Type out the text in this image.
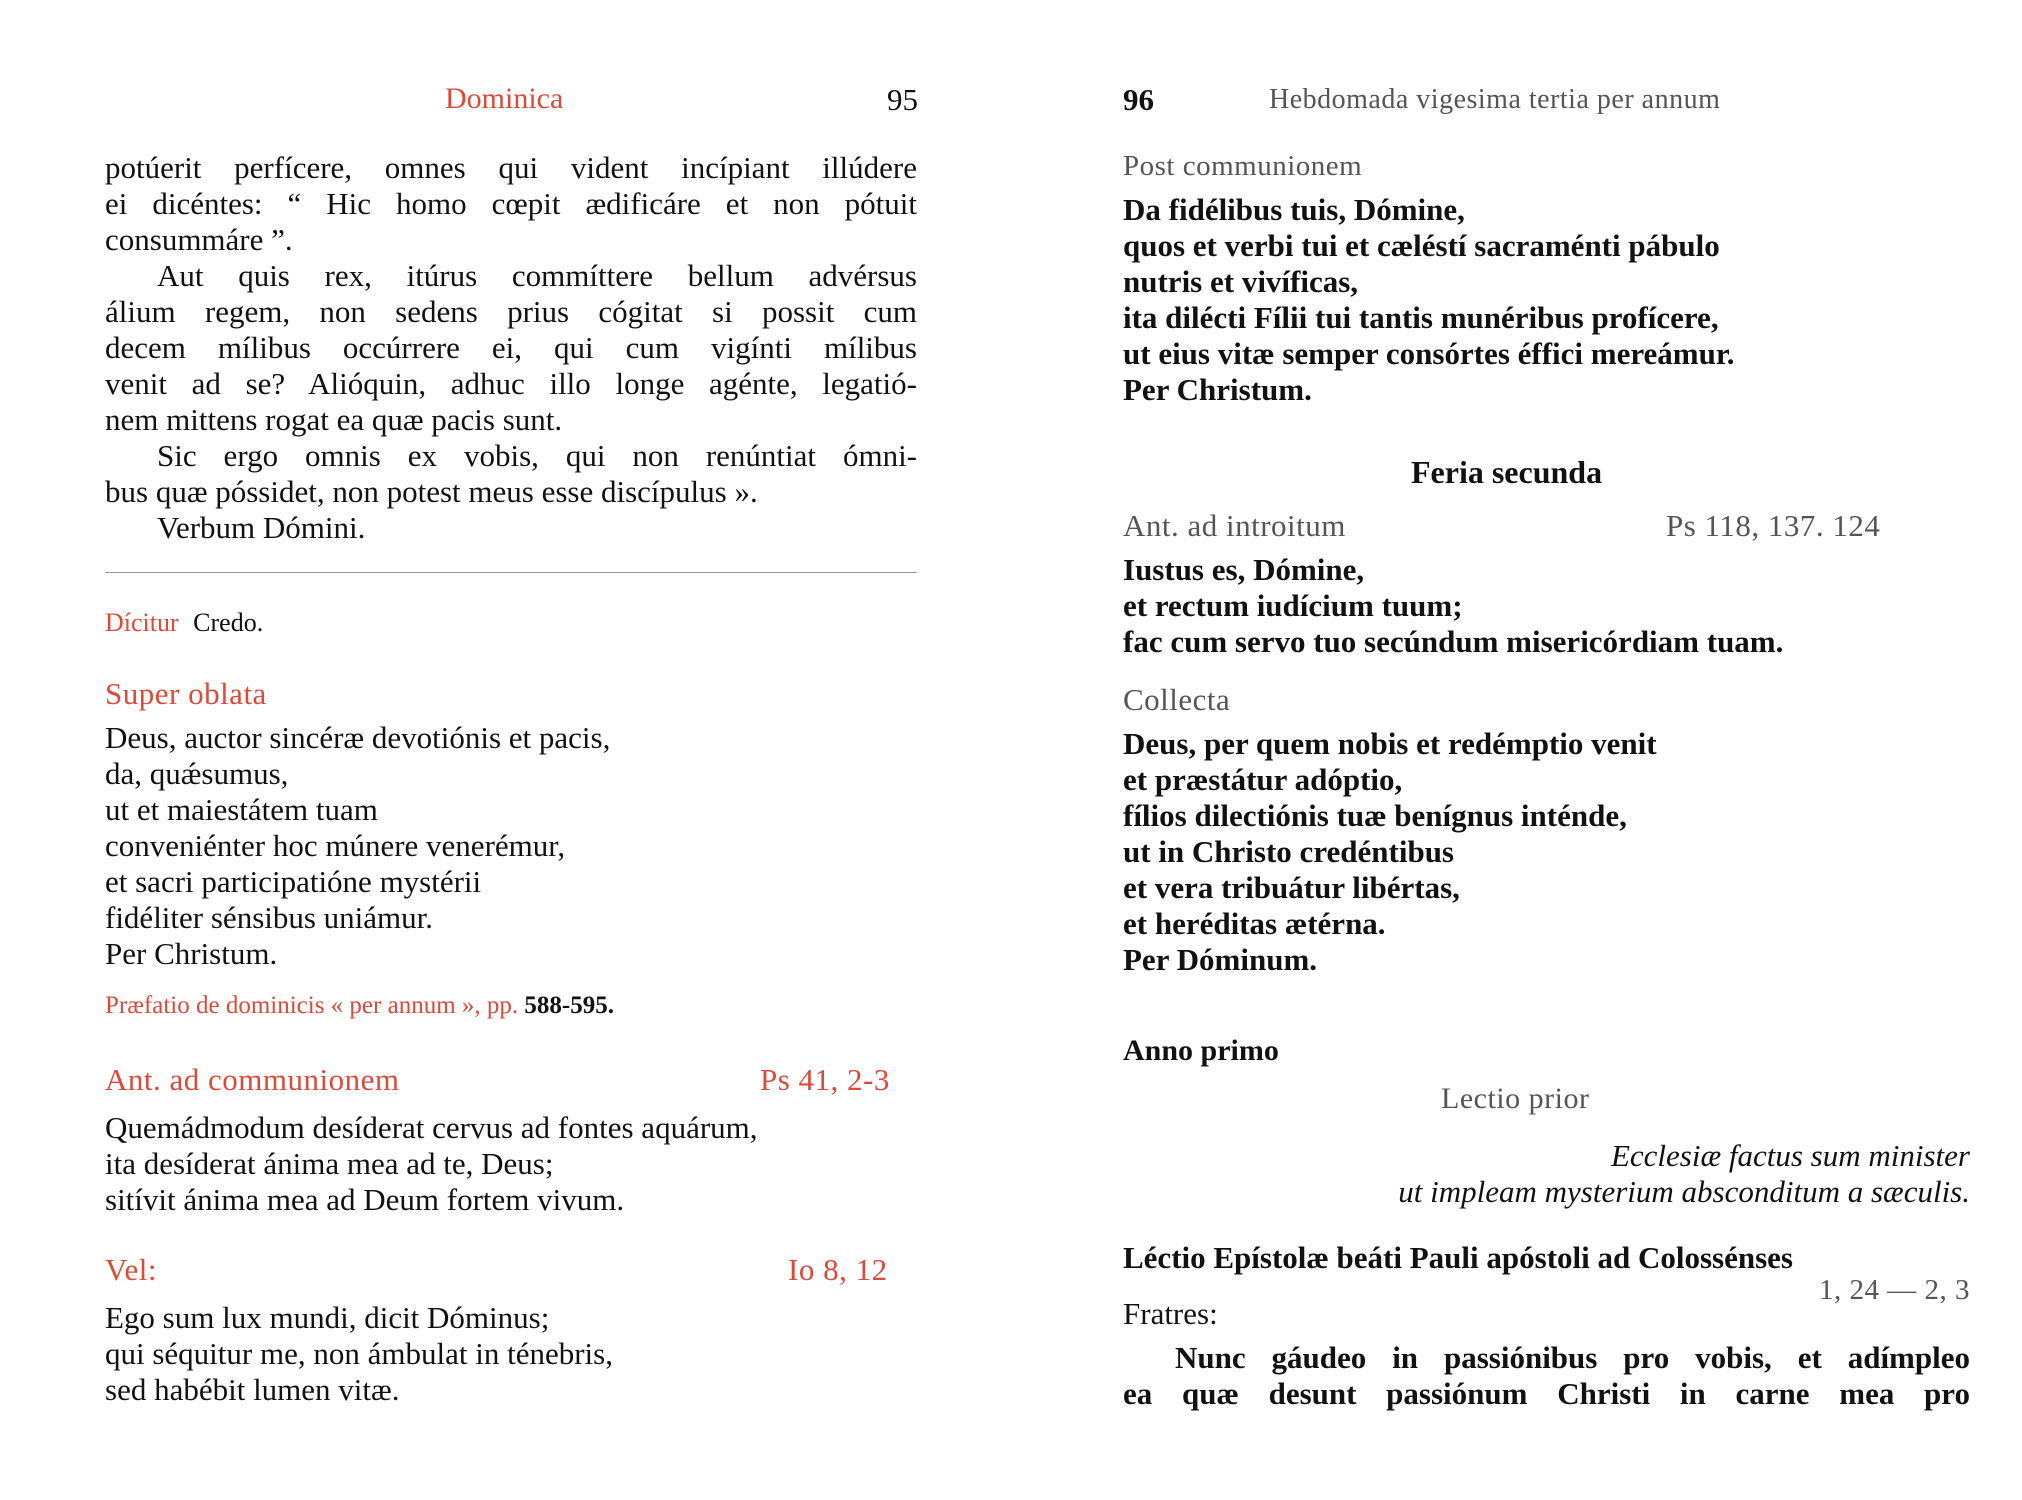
Dominica	95
potúerit perfícere, omnes qui vident incípiant illúdere
ei dicéntes: “ Hic homo cœpit ædificáre et non pótuit
consummáre ”.
Aut quis rex, itúrus commíttere bellum advérsus
álium regem, non sedens prius cógitat si possit cum
decem mílibus occúrrere ei, qui cum vigínti mílibus
venit ad se? Alióquin, adhuc illo longe agénte, legatió-
nem mittens rogat ea quæ pacis sunt.
Sic ergo omnis ex vobis, qui non renúntiat ómni-
bus quæ póssidet, non potest meus esse discípulus ».
Verbum Dómini.
Dícitur Credo.
Super oblata
Deus, auctor sincéræ devotiónis et pacis,
da, quǽsumus,
ut et maiestátem tuam
conveniénter hoc múnere venerémur,
et sacri participatióne mystérii
fidéliter sénsibus uniámur.
Per Christum.
Præfatio de dominicis « per annum », pp. 588-595.
Ant. ad communionem	Ps 41, 2-3
Quemádmodum desíderat cervus ad fontes aquárum,
ita desíderat ánima mea ad te, Deus;
sitívit ánima mea ad Deum fortem vivum.
Vel:	Io 8, 12
Ego sum lux mundi, dicit Dóminus;
qui séquitur me, non ámbulat in ténebris,
sed habébit lumen vitæ.
96	Hebdomada vigesima tertia per annum
Post communionem
Da fidélibus tuis, Dómine,
quos et verbi tui et cæléstí sacraménti pábulo
nutris et vivíficas,
ita dilécti Fílii tui tantis munéribus profícere,
ut eius vitæ semper consórtes éffici mereámur.
Per Christum.
Feria secunda
Ant. ad introitum	Ps 118, 137. 124
Iustus es, Dómine,
et rectum iudícium tuum;
fac cum servo tuo secúndum misericórdiam tuam.
Collecta
Deus, per quem nobis et redémptio venit
et præstátur adóptio,
fílios dilectiónis tuæ benígnus inténde,
ut in Christo credéntibus
et vera tribuátur libértas,
et heréditas ætérna.
Per Dóminum.
Anno primo
Lectio prior
Ecclesiæ factus sum minister
ut impleam mysterium absconditum a sæculis.
Léctio Epístolæ beáti Pauli apóstoli ad Colossénses
1, 24 — 2, 3
Fratres:
Nunc gáudeo in passiónibus pro vobis, et adímpleo
ea quæ desunt passiónum Christi in carne mea pro
